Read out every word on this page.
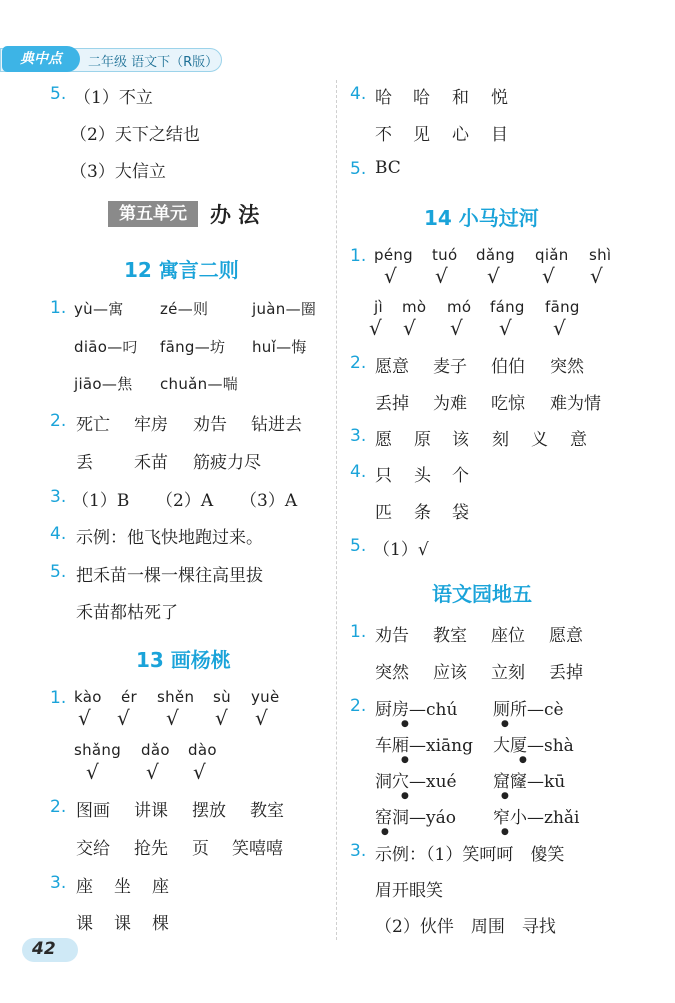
典中点	二年级 语文下（R版）
5. （1）不立
（2）天下之结也
（3）大信立
第五单元	办 法
12 寓言二则
1. yù—寓 zé—则	juàn—圈
diāo—叼 fāng—坊 huǐ—悔
jiāo—焦 chuǎn—喘
2. 死亡 牢房 劝告 钻进去
丢 禾苗 筋疲力尽
3. （1）B （2）A （3）A
4. 示例：他飞快地跑过来。
5. 把禾苗一棵一棵往高里拔
禾苗都枯死了
13 画杨桃
1. kào ér shěn sù yuè
√ √ √ √ √
shǎng dǎo dào
√ √ √
2. 图画 讲课 摆放 教室
交给 抢先 页 笑嘻嘻
3. 座 坐 座
课 课 棵
42
4. 哈 哈 和 悦
不 见 心 目
5. BC
14 小马过河
1. péng tuó dǎng qiǎn shì
√ √ √ √ √
jì mò mó fáng fāng
√ √ √ √ √
2. 愿意 麦子 伯伯 突然
丢掉 为难 吃惊 难为情
3. 愿 原 该 刻 义 意
4. 只 头 个
匹 条 袋
5. （1）√
语文园地五
1. 劝告 教室 座位 愿意
突然 应该 立刻 丢掉
2. 厨房—chú 厕所—cè
车厢—xiāng 大厦—shà
洞穴—xué 窟窿—kū
窑洞—yáo 窄小—zhǎi
●	●
●	●
●	●
●	●
3. 示例：（1）笑呵呵　傻笑
眉开眼笑
（2）伙伴　周围　寻找
